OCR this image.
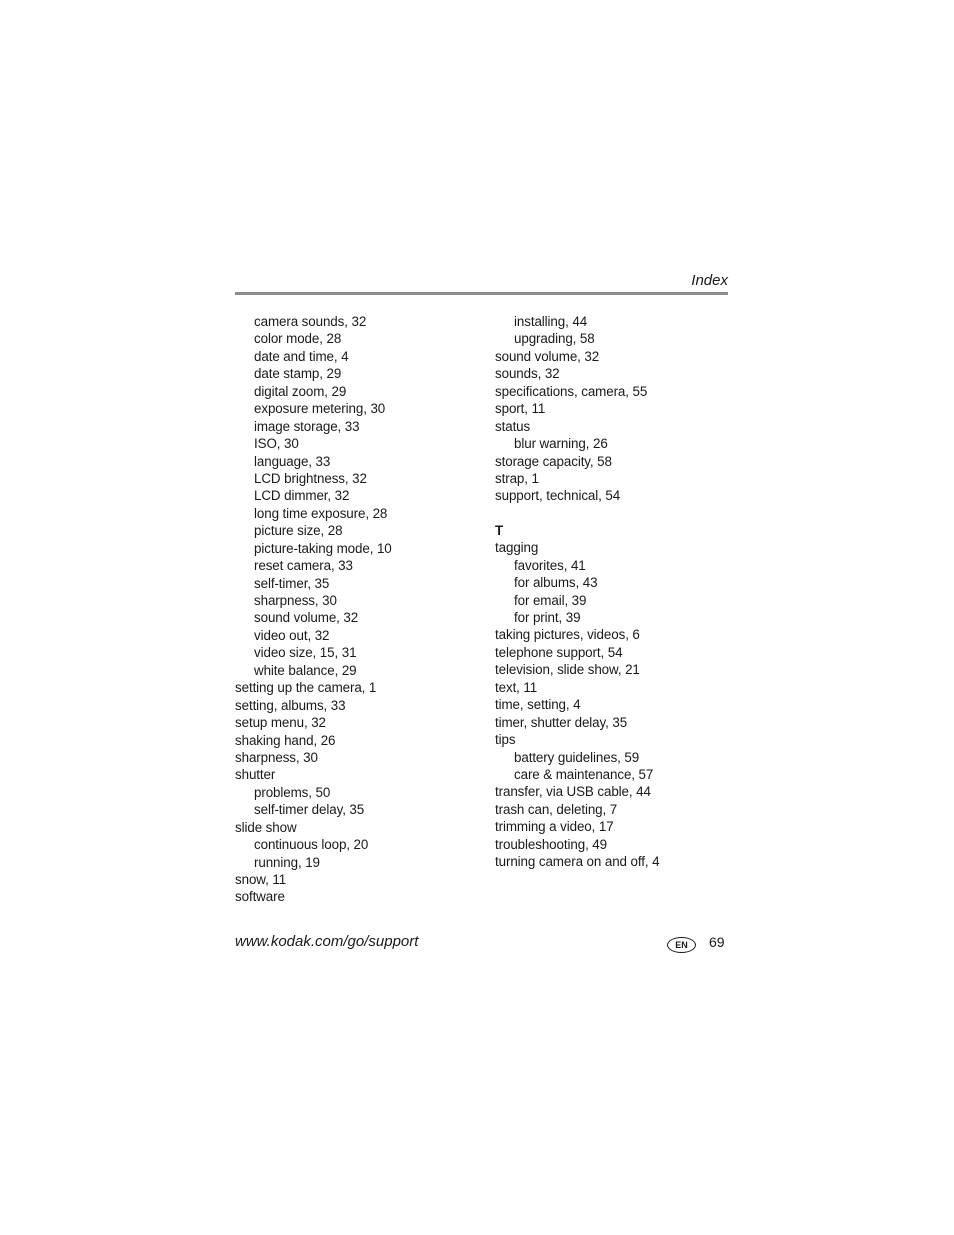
Index
camera sounds, 32
color mode, 28
date and time, 4
date stamp, 29
digital zoom, 29
exposure metering, 30
image storage, 33
ISO, 30
language, 33
LCD brightness, 32
LCD dimmer, 32
long time exposure, 28
picture size, 28
picture-taking mode, 10
reset camera, 33
self-timer, 35
sharpness, 30
sound volume, 32
video out, 32
video size, 15, 31
white balance, 29
setting up the camera, 1
setting, albums, 33
setup menu, 32
shaking hand, 26
sharpness, 30
shutter
problems, 50
self-timer delay, 35
slide show
continuous loop, 20
running, 19
snow, 11
software
installing, 44
upgrading, 58
sound volume, 32
sounds, 32
specifications, camera, 55
sport, 11
status
blur warning, 26
storage capacity, 58
strap, 1
support, technical, 54
T
tagging
favorites, 41
for albums, 43
for email, 39
for print, 39
taking pictures, videos, 6
telephone support, 54
television, slide show, 21
text, 11
time, setting, 4
timer, shutter delay, 35
tips
battery guidelines, 59
care & maintenance, 57
transfer, via USB cable, 44
trash can, deleting, 7
trimming a video, 17
troubleshooting, 49
turning camera on and off, 4
www.kodak.com/go/support	EN	69
